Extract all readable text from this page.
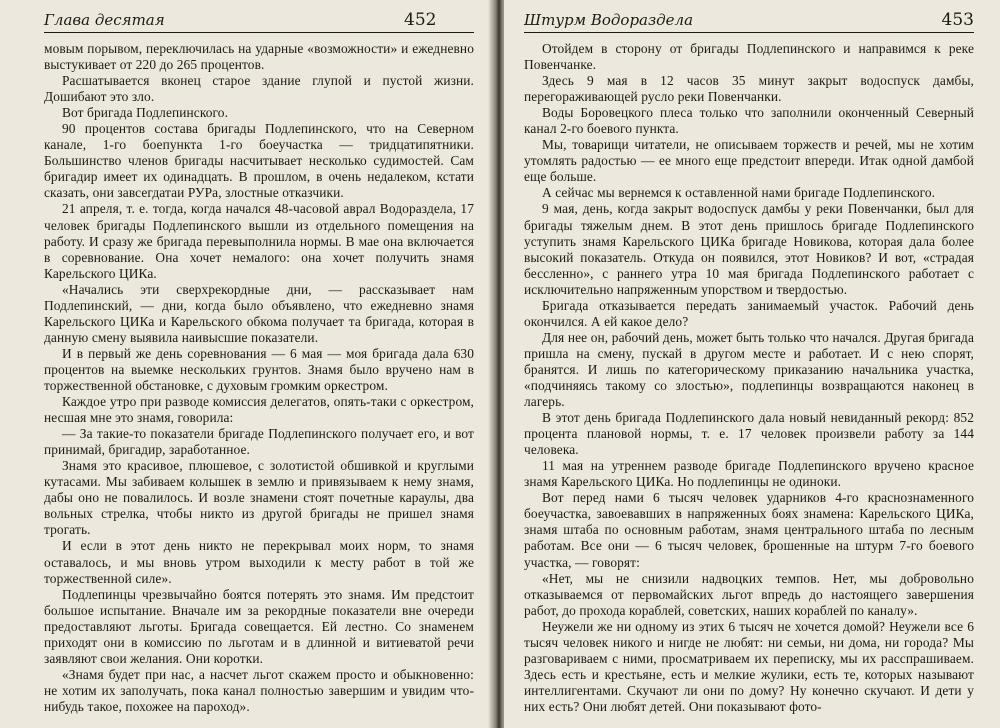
Глава десятая	452

мовым порывом, переключилась на ударные «возможности» и ежедневно выстукивает от 220 до 265 процентов.

Расшатывается вконец старое здание глупой и пустой жизни. Дошибают это зло.

Вот бригада Подлепинского.

90 процентов состава бригады Подлепинского, что на Северном канале, 1-го боепункта 1-го боеучастка — тридцатипятники. Большинство членов бригады насчитывает несколько судимостей. Сам бригадир имеет их одинадцать. В прошлом, в очень недалеком, кстати сказать, они завсегдатаи РУРа, злостные отказчики.

21 апреля, т. е. тогда, когда начался 48-часовой аврал Водораздела, 17 человек бригады Подлепинского вышли из отдельного помещения на работу. И сразу же бригада перевыполнила нормы. В мае она включается в соревнование. Она хочет немалого: она хочет получить знамя Карельского ЦИКа.

«Начались эти сверхрекордные дни, — рассказывает нам Подлепинский, — дни, когда было объявлено, что ежедневно знамя Карельского ЦИКа и Карельского обкома получает та бригада, которая в данную смену выявила наивысшие показатели.

И в первый же день соревнования — 6 мая — моя бригада дала 630 процентов на выемке нескольких грунтов. Знамя было вручено нам в торжественной обстановке, с духовым громким оркестром.

Каждое утро при разводе комиссия делегатов, опять-таки с оркестром, несшая мне это знамя, говорила:

— За такие-то показатели бригаде Подлепинского получает его, и вот принимай, бригадир, заработанное.

Знамя это красивое, плюшевое, с золотистой обшивкой и круглыми кутасами. Мы забиваем колышек в землю и привязываем к нему знамя, дабы оно не повалилось. И возле знамени стоят почетные караулы, два вольных стрелка, чтобы никто из другой бригады не пришел знамя трогать.

И если в этот день никто не перекрывал моих норм, то знамя оставалось, и мы вновь утром выходили к месту работ в той же торжественной силе».

Подлепинцы чрезвычайно боятся потерять это знамя. Им предстоит большое испытание. Вначале им за рекордные показатели вне очереди предоставляют льготы. Бригада совещается. Ей лестно. Со знаменем приходят они в комиссию по льготам и в длинной и витиеватой речи заявляют свои желания. Они коротки.

«Знамя будет при нас, а насчет льгот скажем просто и обыкновенно: не хотим их заполучать, пока канал полностью завершим и увидим что-нибудь такое, похожее на пароход».

Штурм Водораздела	453

Отойдем в сторону от бригады Подлепинского и направимся к реке Повенчанке.

Здесь 9 мая в 12 часов 35 минут закрыт водоспуск дамбы, перегораживающей русло реки Повенчанки.

Воды Боровецкого плеса только что заполнили оконченный Северный канал 2-го боевого пункта.

Мы, товарищи читатели, не описываем торжеств и речей, мы не хотим утомлять радостью — ее много еще предстоит впереди. Итак одной дамбой еще больше.

А сейчас мы вернемся к оставленной нами бригаде Подлепинского.

9 мая, день, когда закрыт водоспуск дамбы у реки Повенчанки, был для бригады тяжелым днем. В этот день пришлось бригаде Подлепинского уступить знамя Карельского ЦИКа бригаде Новикова, которая дала более высокий показатель. Откуда он появился, этот Новиков? И вот, «страдая бессленно», с раннего утра 10 мая бригада Подлепинского работает с исключительно напряженным упорством и твердостью.

Бригада отказывается передать занимаемый участок. Рабочий день окончился. А ей какое дело?

Для нее он, рабочий день, может быть только что начался. Другая бригада пришла на смену, пускай в другом месте и работает. И с нею спорят, бранятся. И лишь по категорическому приказанию начальника участка, «подчиняясь такому со злостью», подлепинцы возвращаются наконец в лагерь.

В этот день бригада Подлепинского дала новый невиданный рекорд: 852 процента плановой нормы, т. е. 17 человек произвели работу за 144 человека.

11 мая на утреннем разводе бригаде Подлепинского вручено красное знамя Карельского ЦИКа. Но подлепинцы не одиноки.

Вот перед нами 6 тысяч человек ударников 4-го краснознаменного боеучастка, завоевавших в напряженных боях знамена: Карельского ЦИКа, знамя штаба по основным работам, знамя центрального штаба по лесным работам. Все они — 6 тысяч человек, брошенные на штурм 7-го боевого участка, — говорят:

«Нет, мы не снизили надвоцких темпов. Нет, мы добровольно отказываемся от первомайских льгот впредь до настоящего завершения работ, до прохода кораблей, советских, наших кораблей по каналу».

Неужели же ни одному из этих 6 тысяч не хочется домой? Неужели все 6 тысяч человек никого и нигде не любят: ни семьи, ни дома, ни города? Мы разговариваем с ними, просматриваем их переписку, мы их расспрашиваем. Здесь есть и крестьяне, есть и мелкие жулики, есть те, которых называют интеллигентами. Скучают ли они по дому? Ну конечно скучают. И дети у них есть? Они любят детей. Они показывают фото-
